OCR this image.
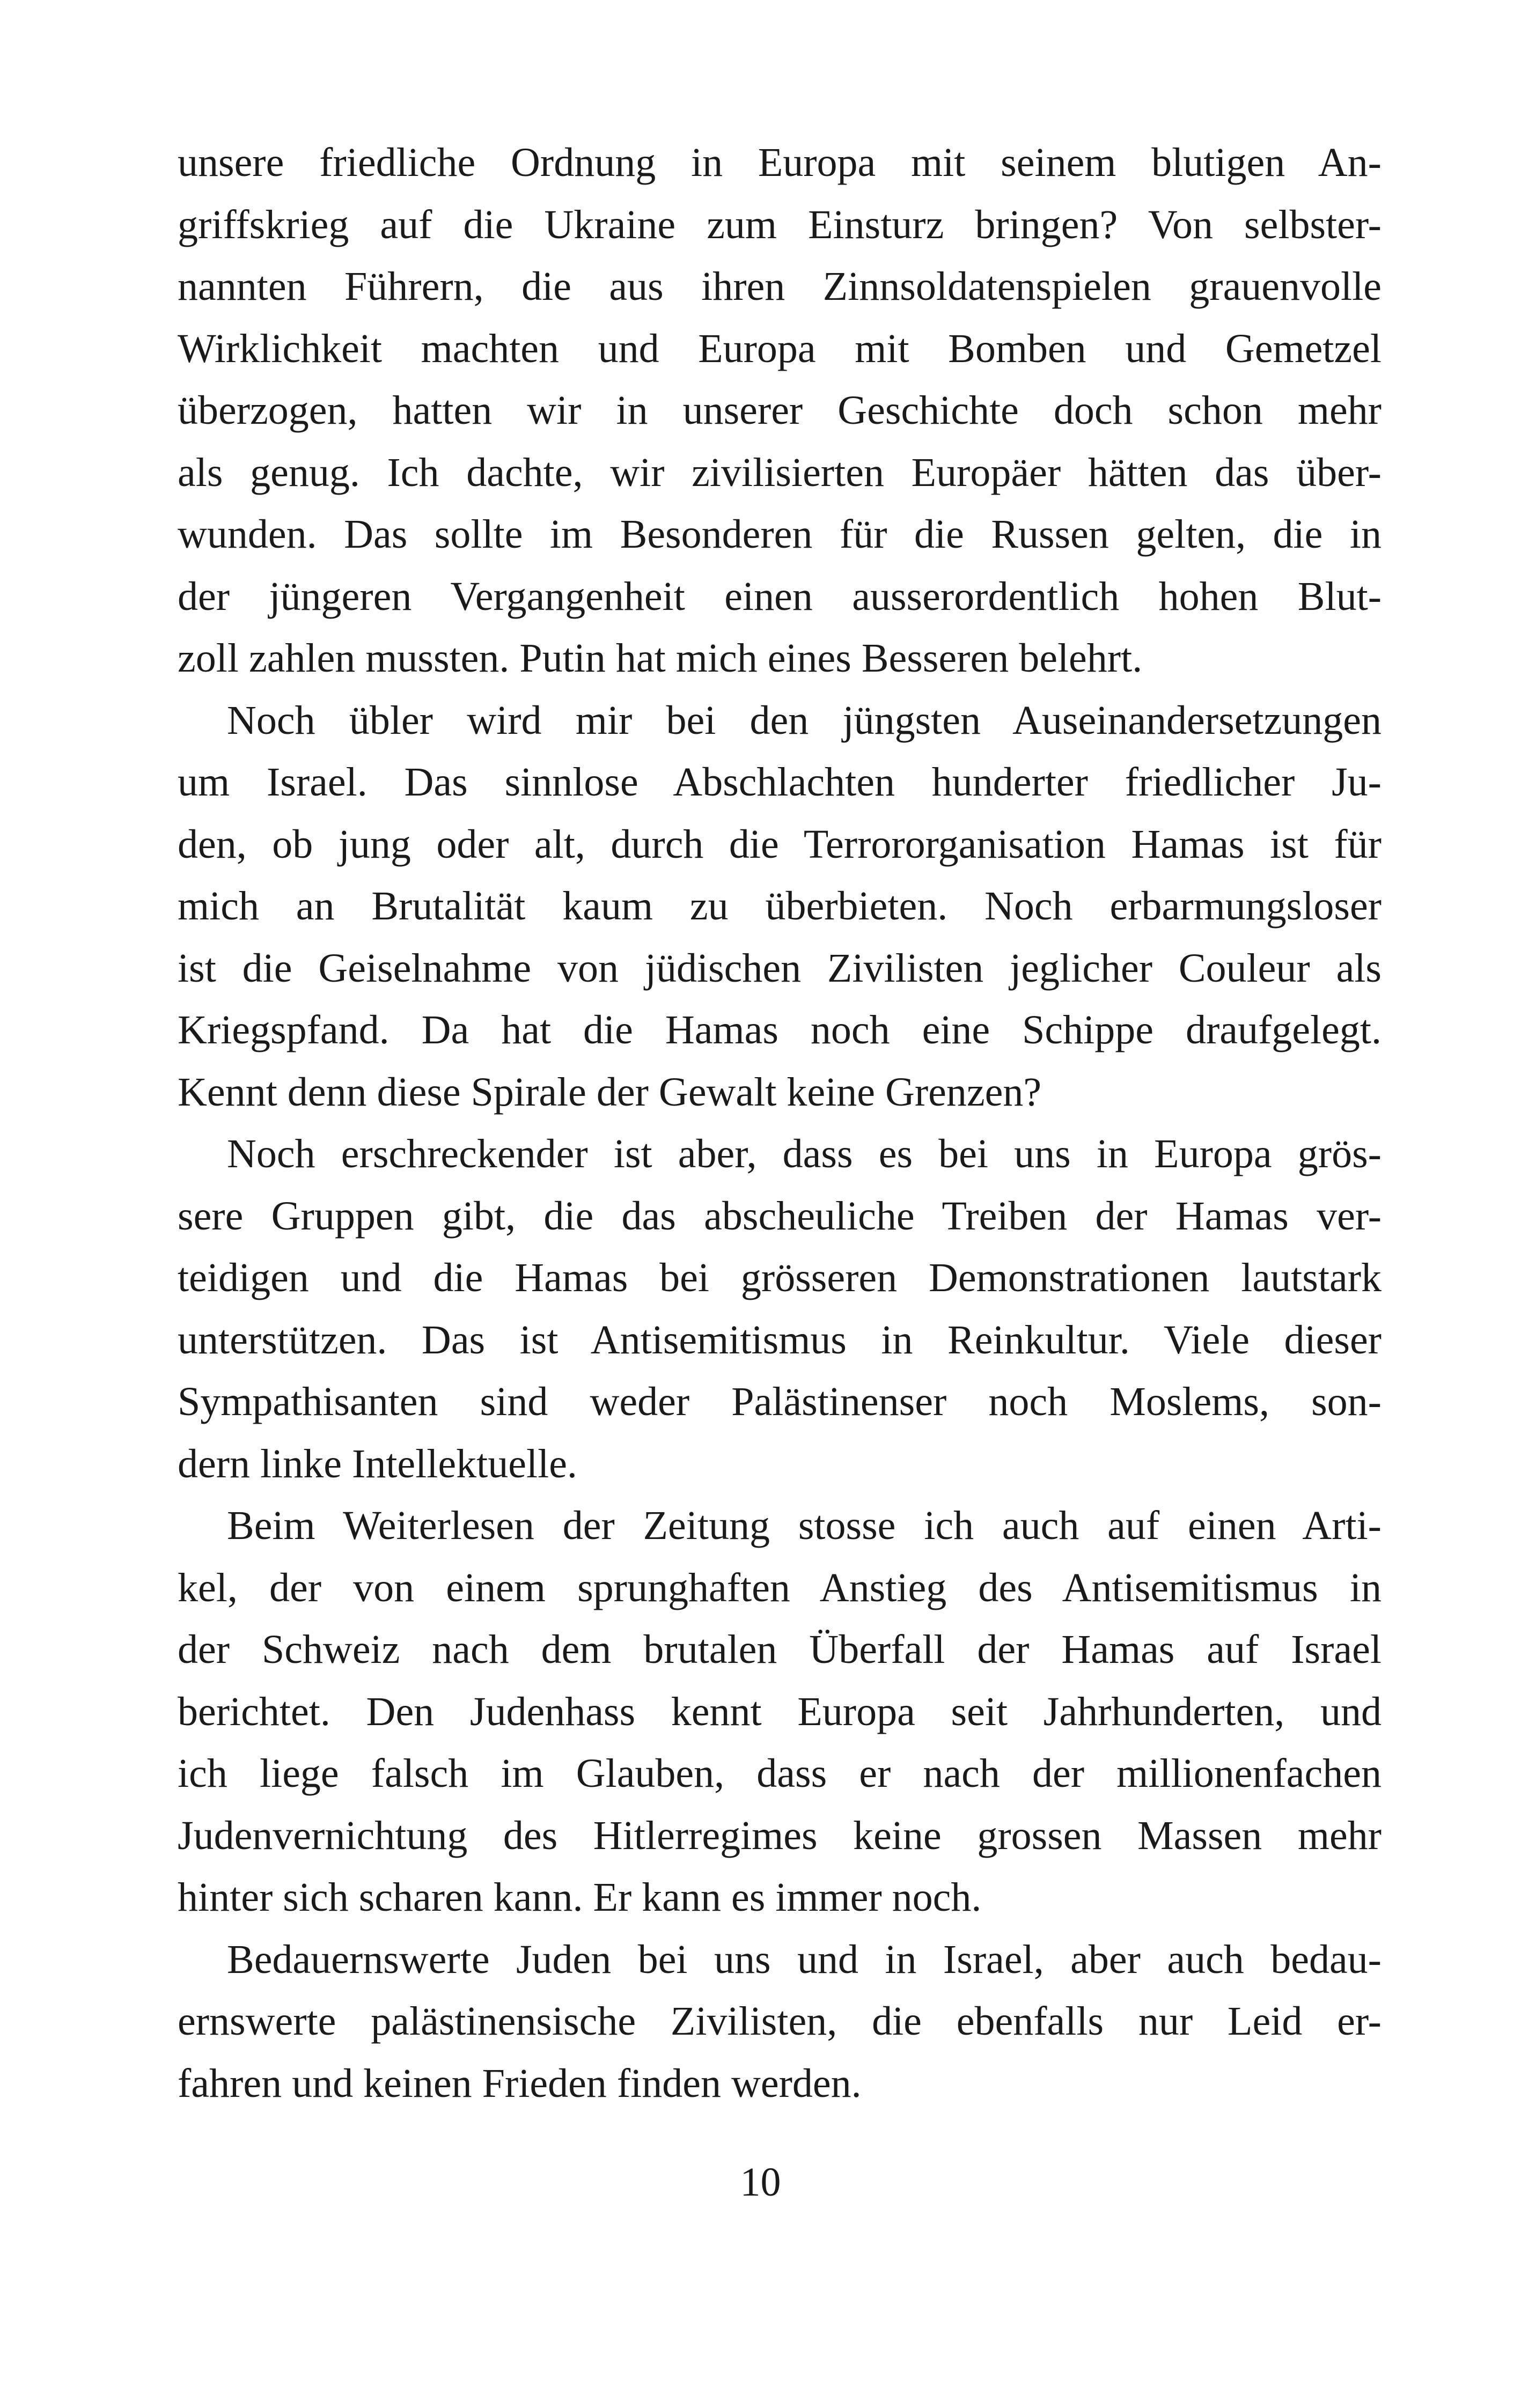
unsere friedliche Ordnung in Europa mit seinem blutigen An-
griffskrieg auf die Ukraine zum Einsturz bringen? Von selbster-
nannten Führern, die aus ihren Zinnsoldatenspielen grauenvolle
Wirklichkeit machten und Europa mit Bomben und Gemetzel
überzogen, hatten wir in unserer Geschichte doch schon mehr
als genug. Ich dachte, wir zivilisierten Europäer hätten das über-
wunden. Das sollte im Besonderen für die Russen gelten, die in
der jüngeren Vergangenheit einen ausserordentlich hohen Blut-
zoll zahlen mussten. Putin hat mich eines Besseren belehrt.
Noch übler wird mir bei den jüngsten Auseinandersetzungen
um Israel. Das sinnlose Abschlachten hunderter friedlicher Ju-
den, ob jung oder alt, durch die Terrororganisation Hamas ist für
mich an Brutalität kaum zu überbieten. Noch erbarmungsloser
ist die Geiselnahme von jüdischen Zivilisten jeglicher Couleur als
Kriegspfand. Da hat die Hamas noch eine Schippe draufgelegt.
Kennt denn diese Spirale der Gewalt keine Grenzen?
Noch erschreckender ist aber, dass es bei uns in Europa grös-
sere Gruppen gibt, die das abscheuliche Treiben der Hamas ver-
teidigen und die Hamas bei grösseren Demonstrationen lautstark
unterstützen. Das ist Antisemitismus in Reinkultur. Viele dieser
Sympathisanten sind weder Palästinenser noch Moslems, son-
dern linke Intellektuelle.
Beim Weiterlesen der Zeitung stosse ich auch auf einen Arti-
kel, der von einem sprunghaften Anstieg des Antisemitismus in
der Schweiz nach dem brutalen Überfall der Hamas auf Israel
berichtet. Den Judenhass kennt Europa seit Jahrhunderten, und
ich liege falsch im Glauben, dass er nach der millionenfachen
Judenvernichtung des Hitlerregimes keine grossen Massen mehr
hinter sich scharen kann. Er kann es immer noch.
Bedauernswerte Juden bei uns und in Israel, aber auch bedau-
ernswerte palästinensische Zivilisten, die ebenfalls nur Leid er-
fahren und keinen Frieden finden werden.
10
